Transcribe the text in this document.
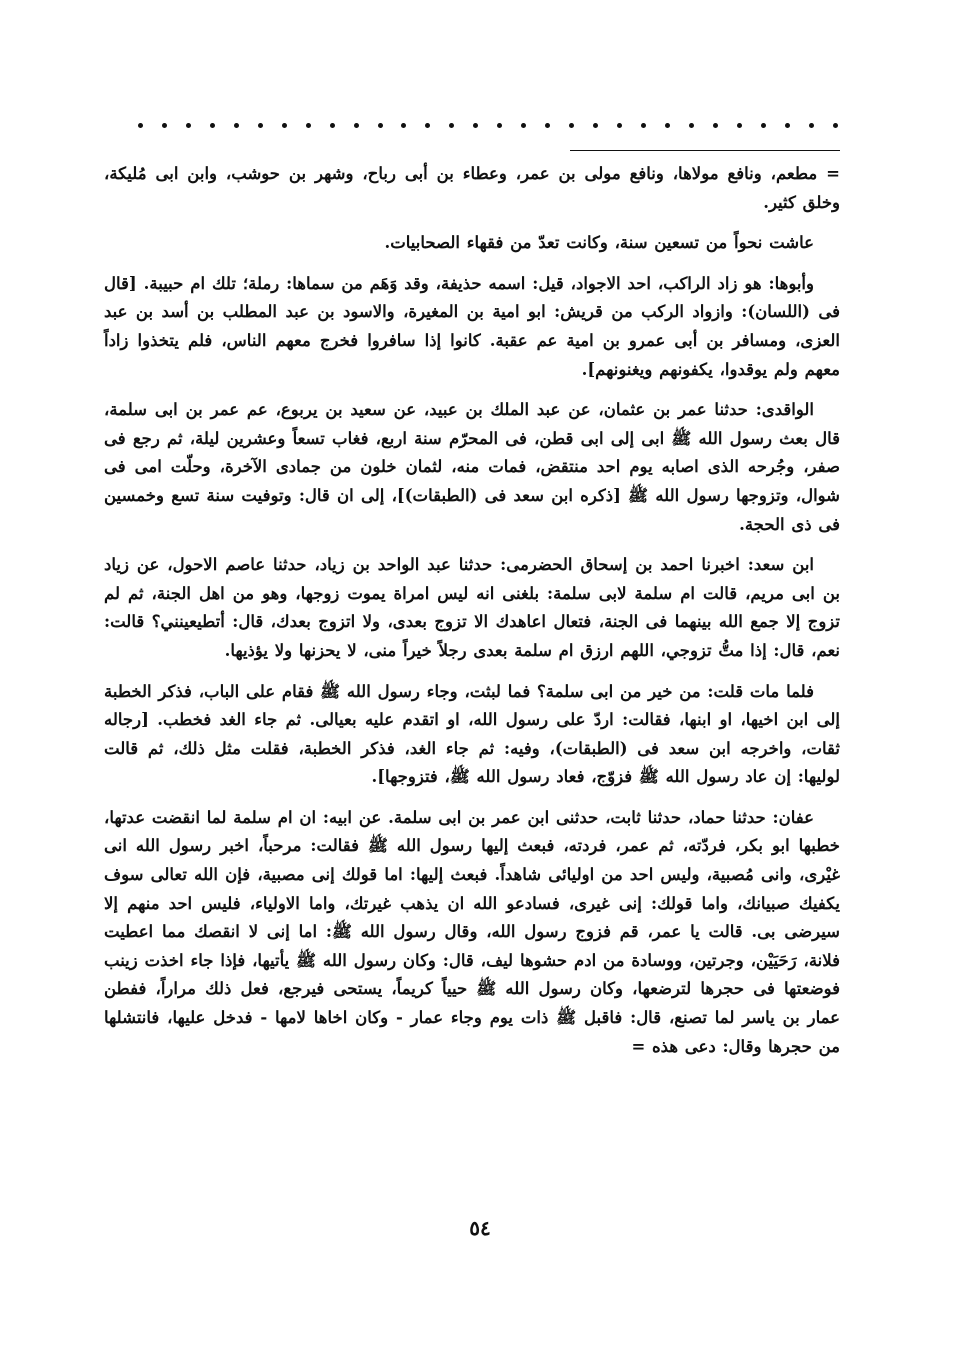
= مطعم، ونافع مولاها، ونافع مولى بن عمر، وعطاء بن أبى رباح، وشهر بن حوشب، وابن ابى مُليكة، وخلق كثير.

عاشت نحواً من تسعين سنة، وكانت تعدّ من فقهاء الصحابيات.

وأبوها: هو زاد الراكب، احد الاجواد، قيل: اسمه حذيفة، وقد وَهَم من سماها: رملة؛ تلك ام حبيبة. [قال فى (اللسان): وازواد الركب من قريش: ابو امية بن المغيرة، والاسود بن عبد المطلب بن أسد بن عبد العزى، ومسافر بن أبى عمرو بن امية عم عقبة. كانوا إذا سافروا فخرج معهم الناس، فلم يتخذوا زاداً معهم ولم يوقدوا، يكفونهم ويغنونهم].

الواقدى: حدثنا عمر بن عثمان، عن عبد الملك بن عبيد، عن سعيد بن يربوع، عم عمر بن ابى سلمة، قال بعث رسول الله ﷺ ابى إلى ابى قطن، فى المحرّم سنة اربع، فغاب تسعاً وعشرين ليلة، ثم رجع فى صفر، وجُرحه الذى اصابه يوم احد منتقض، فمات منه، لثمان خلون من جمادى الآخرة، وحلّت امى فى شوال، وتزوجها رسول الله ﷺ [ذكره ابن سعد فى (الطبقات)]، إلى ان قال: وتوفيت سنة تسع وخمسين فى ذى الحجة.

ابن سعد: اخبرنا احمد بن إسحاق الحضرمى: حدثنا عبد الواحد بن زياد، حدثنا عاصم الاحول، عن زياد بن ابى مريم، قالت ام سلمة لابى سلمة: بلغنى انه ليس امراة يموت زوجها، وهو من اهل الجنة، ثم لم تزوج إلا جمع الله بينهما فى الجنة، فتعال اعاهدك الا تزوج بعدى، ولا اتزوج بعدك، قال: أتطيعينني؟ قالت: نعم، قال: إذا متُّ تزوجي، اللهم ارزق ام سلمة بعدى رجلاً خيراً منى، لا يحزنها ولا يؤذيها.

فلما مات قلت: من خير من ابى سلمة؟ فما لبثت، وجاء رسول الله ﷺ فقام على الباب، فذكر الخطبة إلى ابن اخيها، او ابنها، فقالت: اردّ على رسول الله، او اتقدم عليه بعيالى. ثم جاء الغد فخطب. [رجاله ثقات، واخرجه ابن سعد فى (الطبقات)، وفيه: ثم جاء الغد، فذكر الخطبة، فقلت مثل ذلك، ثم قالت لوليها: إن عاد رسول الله ﷺ فزوّج، فعاد رسول الله ﷺ، فتزوجها].

عفان: حدثنا حماد، حدثنا ثابت، حدثنى ابن عمر بن ابى سلمة. عن ابيه: ان ام سلمة لما انقضت عدتها، خطبها ابو بكر، فردّته، ثم عمر، فردته، فبعث إليها رسول الله ﷺ فقالت: مرحباً، اخبر رسول الله انى غيْرى، وانى مُصبية، وليس احد من اوليائى شاهداً. فبعث إليها: اما قولك إنى مصبية، فإن الله تعالى سوف يكفيك صبيانك، واما قولك: إنى غيرى، فسادعو الله ان يذهب غيرتك، واما الاولياء، فليس احد منهم إلا سيرضى بى. قالت يا عمر، قم فزوج رسول الله، وقال رسول الله ﷺ: اما إنى لا انقصك مما اعطيت فلانة، رَحَيَيْن، وجرتين، ووسادة من ادم حشوها ليف، قال: وكان رسول الله ﷺ يأتيها، فإذا جاء اخذت زينب فوضعتها فى حجرها لترضعها، وكان رسول الله ﷺ حيياً كريماً، يستحى فيرجع، فعل ذلك مراراً، ففطن عمار بن ياسر لما تصنع، قال: فاقبل ﷺ ذات يوم وجاء عمار - وكان اخاها لامها - فدخل عليها، فانتشلها من حجرها وقال: دعى هذه =

٥٤
